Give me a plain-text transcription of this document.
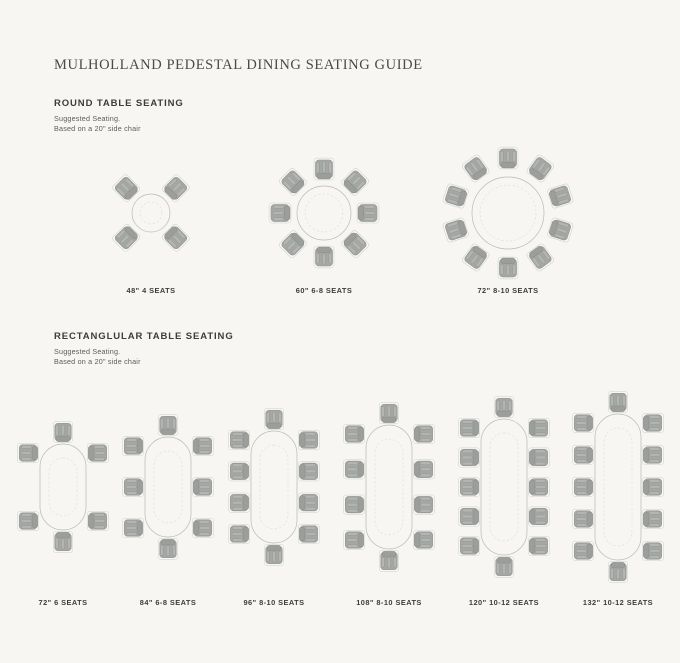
MULHOLLAND PEDESTAL DINING SEATING GUIDE
ROUND TABLE SEATING
Suggested Seating.
Based on a 20" side chair
RECTANGLULAR TABLE SEATING
Suggested Seating.
Based on a 20" side chair
48" 4 SEATS	60" 6-8 SEATS	72" 8-10 SEATS
72" 6 SEATS	84" 6-8 SEATS	96" 8-10 SEATS	108" 8-10 SEATS	120" 10-12 SEATS	132" 10-12 SEATS
